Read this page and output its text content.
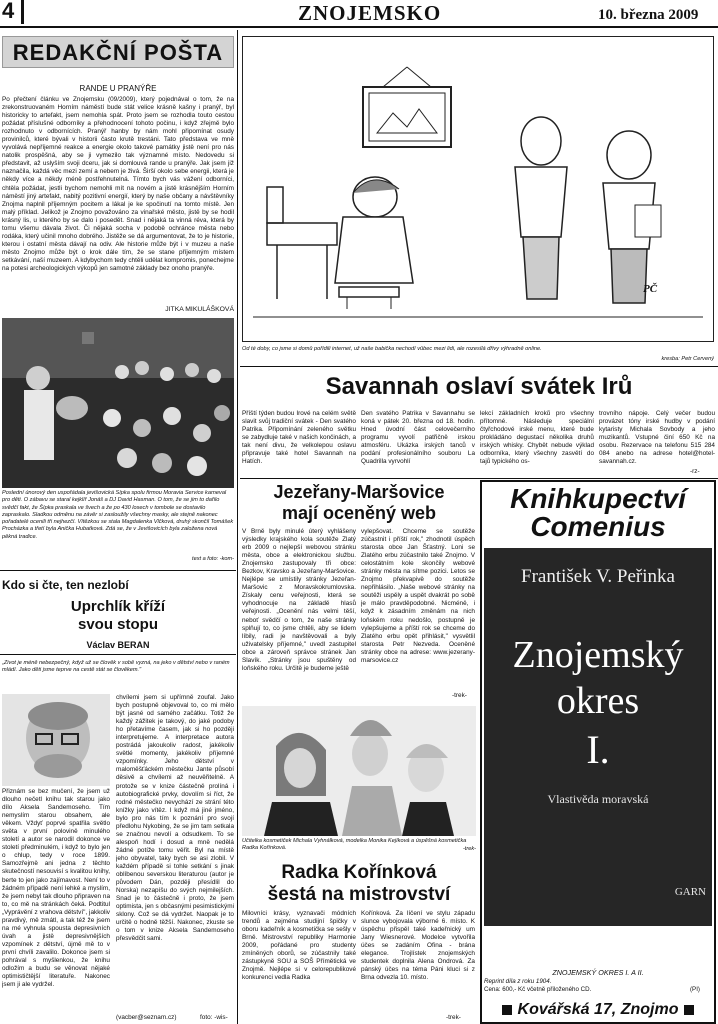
4	ZNOJEMSKO	10. března 2009
REDAKČNÍ POŠTA
RANDE U PRANÝŘE
Po přečtení článku ve Znojemsku (09/2009), který pojednával o tom, že na zrekonstruovaném Horním náměstí bude stát velice krásně kašny i pranýř, byl historicky to artefakt, jsem nemohla spát. Proto jsem se rozhodla touto cestou požádat příslušné odborníky a přehodnocení tohoto počinu, i když zřejmě bylo rozhodnuto v odbornících. Pranýř hanby by nám mohl připomínat osudy provinilců, které bývali v historii často krutě trestáni. Tato představa ve mně vyvolává nepříjemné reakce a energie okolo takové památky jistě není pro nás natolik prospěšná, aby se ji vymezilo tak významné místo. Nedovedu si představit, až uslyším svoji dceru, jak si domlouvá rande u pranýře. Jak jsem již naznačila, každá věc mezi zemí a nebem je živá. Širší okolo sebe energii, která je někdy více a někdy méně postřehnutelná. Tímto bych vás vážení odborníci, chtěla požádat, jestli bychom nemohli mít na novém a jistě krásnějším Horním náměstí jiný artefakt, nabitý pozitivní energií, který by naše občany a návštěvníky Znojma naplnil příjemným pocitem a lákal je ke spočinutí na tomto místě. Jen malý příklad. Jelikož je Znojmo považováno za vinařské město, jistě by se hodil krásný lis, u kterého by se dalo i posedět. Snad i nějaká ta vinná réva, která by tomu všemu dávala život. Či nějaká socha v podobě ochránce města nebo rodáka, který učinil mnoho dobrého. Jistěže se dá argumentovat, že to je historie, kterou i ostatní města dávají na odiv. Ale historie může být i v muzeu a naše město Znojmo může být o krok dále tím, že se stane příjemným místem setkávání, naší muzeem. A kdybychom tedy chtěli udělat kompromis, ponechejme na potesi archeologických výkopů jen samotné základy bez onoho pranýře.
JITKA MIKULÁŠKOVÁ
Poslední únorový den uspořádala jevišovická Šípka spolu firmou Moravia Service karneval pro děti. O zábavu se staral kejklíř Jonáš a DJ David Hasman. O tom, že se jim to dařilo svědčí fakt, že Šípka praskala ve švech a že po 430 losech v tombole se dostavilo zapraskalo. Sladkou odměnu na závěr si zasloužily všechny masky, ale stejně nakonec pořadatelé ocenili tři nejhezčí. Vítězkou se stala Magdalenka Vlčková, druhý skončil Tomášek Procházka a třetí byla Anička Hubatková. Zdá se, že v Jevišovicích byla založena nová pěkná tradice.
text a foto: -kom-
Kdo si čte, ten nezlobí
Uprchlík kříží
svou stopu
Václav BERAN
„Život je méně nebezpečný, když už se člověk v sobě vyzná, na jeko v dětství nebo v raném mládí. Jako děti jsme teprve na cestě stát se člověkem."
Přiznám se bez mučení, že jsem už dlouho nečetl knihu tak starou jako dílo Aksela Sandemoseho. Tím nemyslím starou obsahem, ale věkem. Vždyť poprvé spatřila světlo světa v první polovině minulého století a autor se narodil dokonce ve století předminulém, i když to bylo jen o chlup, tedy v roce 1899. Samozřejmě ani jedna z těchto skutečností nesouvisí s kvalitou knihy, berte to jen jako zajímavost. Není to v žádném případě není lehké a myslím, že jsem nebyl tak dlouho připraven na to, co mě na stránkách čeká. Podtitul „Vyprávění z vrahova dětství", jakkoliv pravdivý, mě zmátl, a tak též že jsem na mé vyhnula spousta depresivních úvah a jistě depresivnějších vzpomínek z dětství, újmě mě to v první chvíli zavalilo. Dokonce jsem si pohrával s myšlenkou, že knihu odložím a budu se věnovat nějaké optimističtější literatuře. Nakonec jsem ji ale vydržel.
chvílemi jsem si upřímně zoufal. Jako bych postupně objevoval to, co mi mělo být jasné od samého začátku. Totiž že každý zážitek je takový, do jaké podoby ho přetavíme časem, jak si ho později interpretujeme. A interpretace autora postrádá jakoukoliv radost, jakékoliv světlé momenty, jakékoliv příjemné vzpomínky. Jeho dětství v maloměšťáckém městečku Jante působí děsivě a chvílemi až neuvěřitelně. A protože se v knize částečně prolíná i autobiografické prvky, dovolím si říct, že rodné městečko nevychází ze strání této knížky jako vítěz. I když má jiné jméno, bylo pro nás tím k poznání pro svojí předlohu Nykobing, že se jim tam setkala se značnou nevolí a odsudkem. To se alespoň hodí i dosud a mně nedělá žádné potíže tomu věřit. Byl na místě jeho obyvatel, taky bych se asi zlobil. V každém případě si tohle setkání s jinak oblíbenou severskou literaturou (autor je původem Dán, později přesídlil do Norska) nezapíšu do svých nejmilejších. Snad je to částečně i proto, že jsem optimista, jen s občasnými pesimistickými sklony. Což se dá vydržet. Naopak je to určitě o hodně těžší. Nakonec, zkuste se o tom v knize Aksela Sandemoseho přesvědčit sami.
(vacber@seznam.cz)	foto: -wis-
PČ
Od té doby, co jsme si domů pořídili internet, už naše babička nechodí vůbec mezi lidi, ale rozesílá dřivy výhradně online.
kresba: Petr Červený
Savannah oslaví svátek Irů
Příští týden budou Irové na celém světě slavit svůj tradiční svátek - Den svatého Patrika. Připomínání zeleného světku se zabydluje také v našich končinách, a tak není divu, že velkolepou oslavu připravuje také hotel Savannah na Hatích.
Den svatého Patrika v Savannahu se koná v pátek 20. března od 18. hodin. Hned úvodní část celovečerního programu vyvolí patřičně irskou atmosféru. Ukázka irských tanců v podání profesionálního souboru La Quadrilla vyrvohlí
lekcí základních kroků pro všechny přítomné. Následuje speciální čtyřchodové irské menu, které bude prokládáno degustací několika druhů irských whisky. Chybět nebude výklad odborníka, který všechny zasvětí do tajů typického os-
trovního nápoje. Celý večer budou provázet tóny irské hudby v podání kytaristy Michala Sovbody a jeho muzikantů. Vstupné činí 650 Kč na osobu. Rezervace na telefonu 515 284 084 anebo na adrese hotel@hotel-savannah.cz.
-rz-
Jezeřany-Maršovice
mají oceněný web
V Brně byly minulé úterý vyhlášeny výsledky krajského kola soutěže Zlatý erb 2009 o nejlepší webovou stránku města, obce a elektronickou službu. Znojemsko zastupovaly tři obce: Bezkov, Kravsko a Jezeřany-Maršovice. Nejlépe se umístily stránky Jezeřan-Maršovic z Moravskokrumlovska. Získaly cenu veřejnosti, která se vyhodnocuje na základě hlasů veřejnosti. „Ocenění nás velmi těší, neboť svědčí o tom, že naše stránky splňují to, co jsme chtěli, aby se lidem líbily, radi je navštěvovali a byly uživatelsky příjemné," uvedl zastupitel obce a zároveň správce stránek Jan Slavík. „Stránky jsou spuštěny od loňského roku. Určitě je budeme ještě
vylepšovat. Chceme se soutěže zúčastnit i příští rok," zhodnotil úspěch starosta obce Jan Šťastný. Loni se Zlatého erbu zúčastnilo také Znojmo. V celostátním kole skončily webové stránky města na sítme pozici. Letos se Znojmo překvapivě do soutěže nepřihlásilo. „Naše webové stránky na soutěži uspěly a uspět dvakrát po sobě je málo pravděpodobné. Nicméně, i když k zásadním změnám na nich loňském roku nedošlo, postupně je vylepšujeme a příští rok se chceme do Zlatého erbu opět přihlásit," vysvětlil starosta Petr Nezveda. Oceněné stránky obce na adrese: www.jezerany-marsovice.cz
-trek-
Učitelka kosmetiček Michala Vyhnálková, modelka Monika Kejíková a úspěšná kosmetička Radka Kořínková.	-trek-
Radka Kořínková
šestá na mistrovství
Milovníci krásy, vyznavači módních trendů a zejména studijní špičky v oboru kadeřník a kosmetička se sešly v Brně. Mistrovství republiky Harmonie 2009, pořádané pro studenty zmíněných oborů, se zúčastnily také zástupkyně SOU a SOŠ Přímětická ve Znojmě. Nejlépe si v celorepublikové konkurenci vedla Radka
Kořínková. Za líčení ve stylu západu slunce vybojovala výborné 6. místo. K úspěchu přispěl také kadeřnický um Jany Wiesnerové. Modelce vytvořila účes se zadáním Ofina - brána elegance. Trojlístek znojemských studentek doplnila Alena Ondrová. Za pánský účes na téma Páni kluci si z Brna odvezla 10. místo.
-trek-
Knihkupectví
Comenius
František V. Peřinka
Znojemský
okres
I.
Vlastivěda moravská
GARN
ZNOJEMSKÝ OKRES I. A II.
Reprint díla z roku 1904.
Cena: 600,- Kč včetně přiloženého CD.	(PI)
Kovářská 17, Znojmo
